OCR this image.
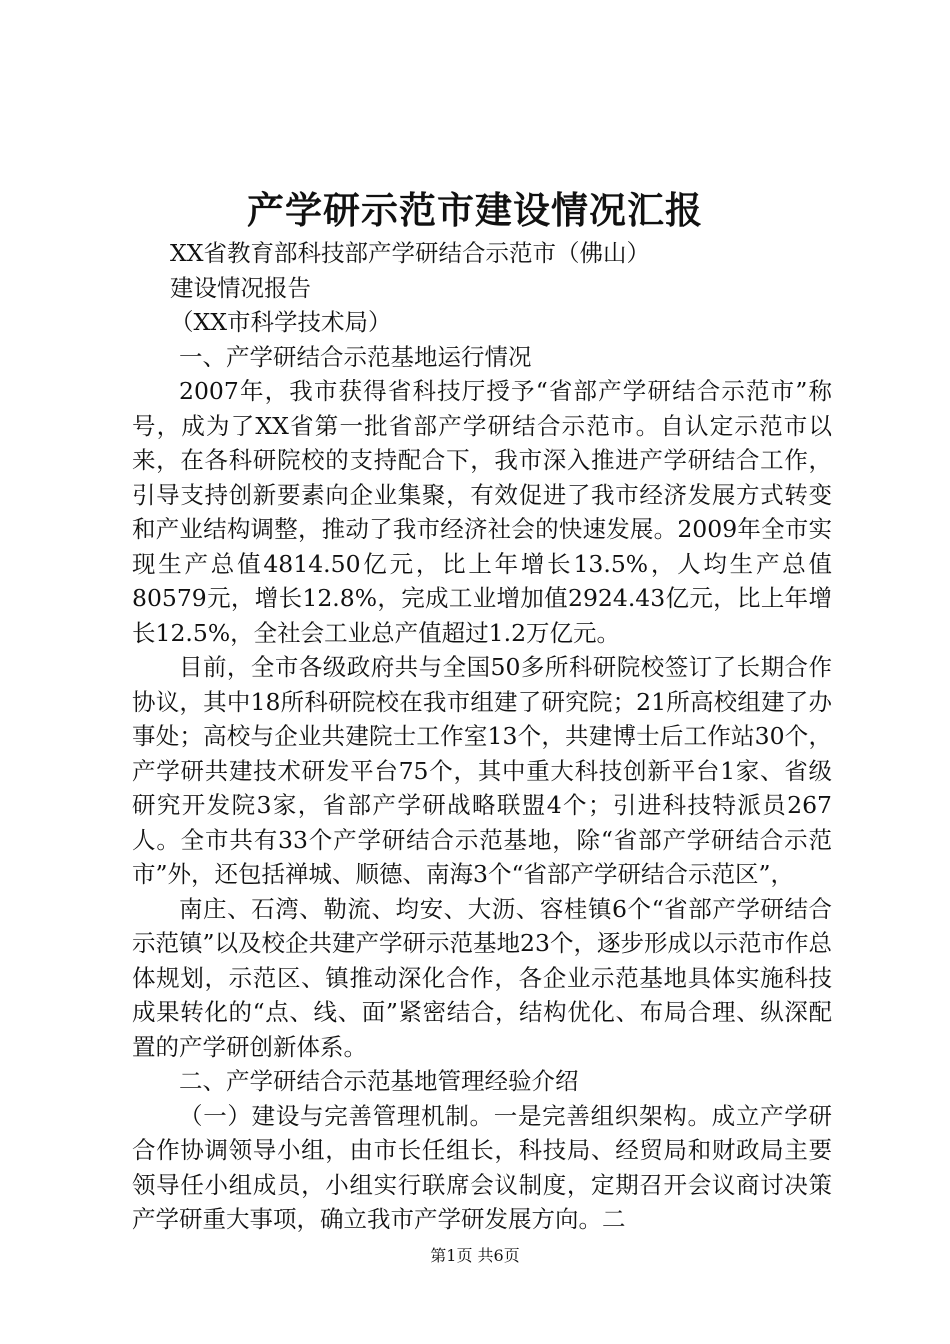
产学研示范市建设情况汇报

XX省教育部科技部产学研结合示范市（佛山）

建设情况报告

（XX市科学技术局）

一、产学研结合示范基地运行情况

2007年，我市获得省科技厅授予“省部产学研结合示范市”称号，成为了XX省第一批省部产学研结合示范市。自认定示范市以来，在各科研院校的支持配合下，我市深入推进产学研结合工作，引导支持创新要素向企业集聚，有效促进了我市经济发展方式转变和产业结构调整，推动了我市经济社会的快速发展。2009年全市实现生产总值4814.50亿元，比上年增长13.5%，人均生产总值80579元，增长12.8%，完成工业增加值2924.43亿元，比上年增长12.5%，全社会工业总产值超过1.2万亿元。

目前，全市各级政府共与全国50多所科研院校签订了长期合作协议，其中18所科研院校在我市组建了研究院；21所高校组建了办事处；高校与企业共建院士工作室13个，共建博士后工作站30个，产学研共建技术研发平台75个，其中重大科技创新平台1家、省级研究开发院3家，省部产学研战略联盟4个；引进科技特派员267人。全市共有33个产学研结合示范基地，除“省部产学研结合示范市”外，还包括禅城、顺德、南海3个“省部产学研结合示范区”，

南庄、石湾、勒流、均安、大沥、容桂镇6个“省部产学研结合示范镇”以及校企共建产学研示范基地23个，逐步形成以示范市作总体规划，示范区、镇推动深化合作，各企业示范基地具体实施科技成果转化的“点、线、面”紧密结合，结构优化、布局合理、纵深配置的产学研创新体系。

二、产学研结合示范基地管理经验介绍

（一）建设与完善管理机制。一是完善组织架构。成立产学研合作协调领导小组，由市长任组长，科技局、经贸局和财政局主要领导任小组成员，小组实行联席会议制度，定期召开会议商讨决策产学研重大事项，确立我市产学研发展方向。二

第1页 共6页
